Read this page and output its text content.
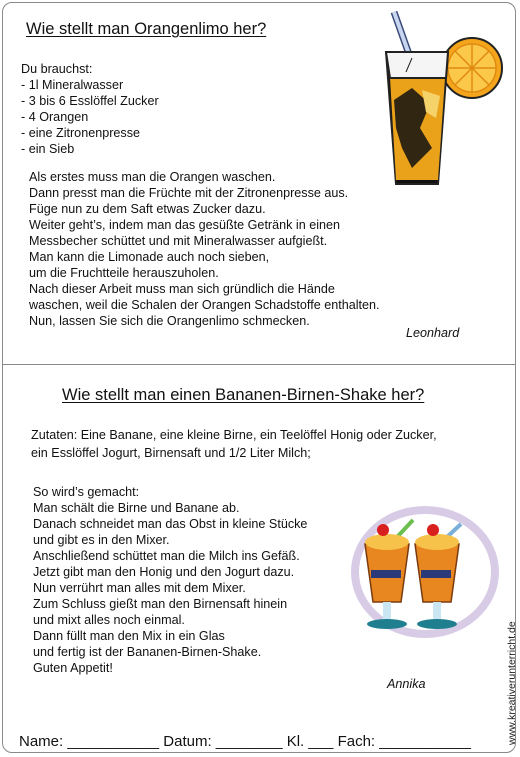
Wie stellt man Orangenlimo her?
Du brauchst:
- 1l Mineralwasser
- 3 bis 6 Esslöffel Zucker
- 4 Orangen
- eine Zitronenpresse
- ein Sieb
Als erstes muss man die Orangen waschen.
Dann presst man die Früchte mit der Zitronenpresse aus.
Füge nun zu dem Saft etwas Zucker dazu.
Weiter geht’s, indem man das gesüßte Getränk in einen
Messbecher schüttet und mit Mineralwasser aufgießt.
Man kann die Limonade auch noch sieben,
um die Fruchtteile herauszuholen.
Nach dieser Arbeit muss man sich gründlich die Hände
waschen, weil die Schalen der Orangen Schadstoffe enthalten.
Nun, lassen Sie sich die Orangenlimo schmecken.
Leonhard
Wie stellt man einen Bananen-Birnen-Shake her?
Zutaten: Eine Banane, eine kleine Birne, ein Teelöffel Honig oder Zucker,
ein Esslöffel Jogurt, Birnensaft und 1/2 Liter Milch;
So wird’s gemacht:
Man schält die Birne und Banane ab.
Danach schneidet man das Obst in kleine Stücke
und gibt es in den Mixer.
Anschließend schüttet man die Milch ins Gefäß.
Jetzt gibt man den Honig und den Jogurt dazu.
Nun verrührt man alles mit dem Mixer.
Zum Schluss gießt man den Birnensaft hinein
und mixt alles noch einmal.
Dann füllt man den Mix in ein Glas
und fertig ist der Bananen-Birnen-Shake.
Guten Appetit!
Annika	www.kreativerunterricht.de
Name: ___________ Datum: ________ Kl. ___ Fach: ___________
